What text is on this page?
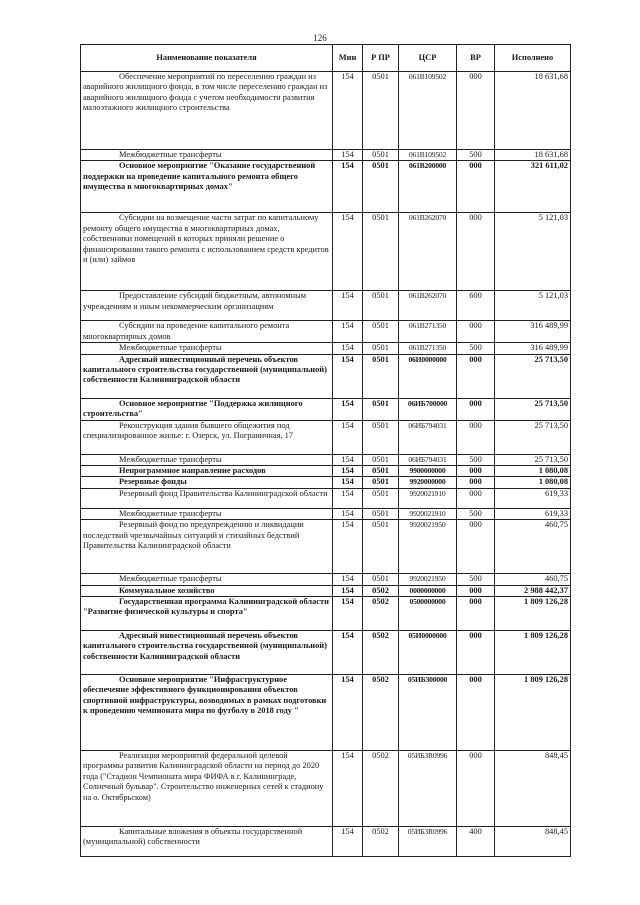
126
Наименование показателя	Мин	Р ПР	ЦСР	ВР	Исполнено
Обеспечение мероприятий по переселению граждан из аварийного жилищного фонда, в том числе переселению граждан из аварийного жилищного фонда с учетом необходимости развития малоэтажного жилищного строительства	154	0501	061B109502	000	18 631,68
Межбюджетные трансферты	154	0501	061B109502	500	18 631,68
Основное мероприятие "Оказание государственной поддержки на проведение капитального ремонта общего имущества в многоквартирных домах"	154	0501	061B200000	000	321 611,02
Субсидии на возмещение части затрат по капитальному ремонту общего имущества в многоквартирных домах, собственники помещений в которых приняли решение о финансировании такого ремонта с использованием средств кредитов и (или) займов	154	0501	061B262070	000	5 121,03
Предоставление субсидий бюджетным, автономным учреждениям и иным некоммерческим организациям	154	0501	061B262070	600	5 121,03
Субсидии на проведение капитального ремонта многоквартирных домов	154	0501	061B271350	000	316 489,99
Межбюджетные трансферты	154	0501	061B271350	500	316 489,99
Адресный инвестиционный перечень объектов капитального строительства государственной (муниципальной) собственности Калининградской области	154	0501	06И0000000	000	25 713,50
Основное мероприятие "Поддержка жилищного строительства"	154	0501	06ИБ700000	000	25 713,50
Реконструкция здания бывшего общежития под специализированное жилье: г. Озерск, ул. Пограничная, 17	154	0501	06ИБ794031	000	25 713,50
Межбюджетные трансферты	154	0501	06ИБ794031	500	25 713,50
Непрограммное направление расходов	154	0501	9900000000	000	1 080,08
Резервные фонды	154	0501	9920000000	000	1 080,08
Резервный фонд Правительства Калининградской области	154	0501	9920021910	000	619,33
Межбюджетные трансферты	154	0501	9920021910	500	619,33
Резервный фонд по предупреждению и ликвидации последствий чрезвычайных ситуаций и стихийных бедствий Правительства Калининградской области	154	0501	9920021950	000	460,75
Межбюджетные трансферты	154	0501	9920021950	500	460,75
Коммунальное хозяйство	154	0502	0000000000	000	2 988 442,37
Государственная программа Калининградской области "Развитие физической культуры и спорта"	154	0502	0500000000	000	1 809 126,28
Адресный инвестиционный перечень объектов капитального строительства государственной (муниципальной) собственности Калининградской области	154	0502	05И0000000	000	1 809 126,28
Основное мероприятие "Инфраструктурное обеспечение эффективного функционирования объектов спортивной инфраструктуры, возводимых в рамках подготовки к проведению чемпионата мира по футболу в 2018 году "	154	0502	05ИБ300000	000	1 809 126,28
Реализация мероприятий федеральной целевой программы развития Калининградской области на период до 2020 года ("Стадион Чемпионата мира ФИФА в г. Калининграде, Солнечный бульвар". Строительство инженерных сетей к стадиону на о. Октябрьском)	154	0502	05ИБ3R0996	000	848,45
Капитальные вложения в объекты государственной (муниципальной) собственности	154	0502	05ИБ3R0996	400	848,45
